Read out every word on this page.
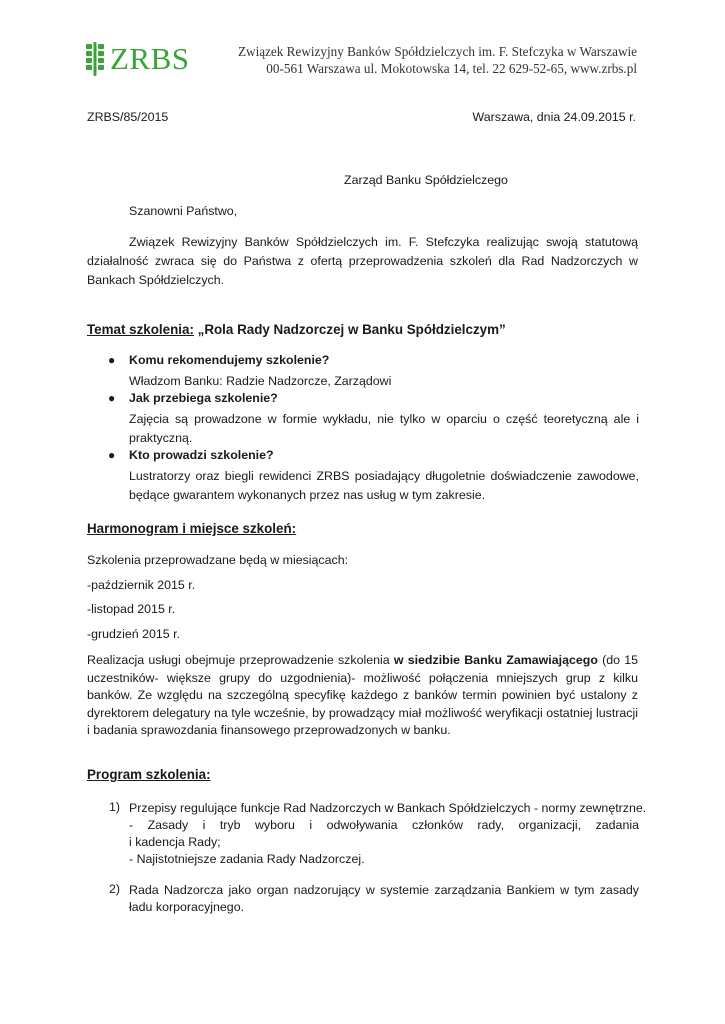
ZRBS	Związek Rewizyjny Banków Spółdzielczych im. F. Stefczyka w Warszawie
00-561 Warszawa ul. Mokotowska 14, tel. 22 629-52-65, www.zrbs.pl
ZRBS/85/2015	Warszawa, dnia 24.09.2015 r.
Zarząd Banku Spółdzielczego
Szanowni Państwo,
Związek Rewizyjny Banków Spółdzielczych im. F. Stefczyka realizując swoją statutową działalność zwraca się do Państwa z ofertą przeprowadzenia szkoleń dla Rad Nadzorczych w Bankach Spółdzielczych.
Temat szkolenia: „Rola Rady Nadzorczej w Banku Spółdzielczym”
● Komu rekomendujemy szkolenie?
Władzom Banku: Radzie Nadzorcze, Zarządowi
● Jak przebiega szkolenie?
Zajęcia są prowadzone w formie wykładu, nie tylko w oparciu o część teoretyczną ale i praktyczną.
● Kto prowadzi szkolenie?
Lustratorzy oraz biegli rewidenci ZRBS posiadający długoletnie doświadczenie zawodowe, będące gwarantem wykonanych przez nas usług w tym zakresie.
Harmonogram i miejsce szkoleń:
Szkolenia przeprowadzane będą w miesiącach:
-październik 2015 r.
-listopad 2015 r.
-grudzień 2015 r.
Realizacja usługi obejmuje przeprowadzenie szkolenia w siedzibie Banku Zamawiającego (do 15 uczestników- większe grupy do uzgodnienia)- możliwość połączenia mniejszych grup z kilku banków. Ze względu na szczególną specyfikę każdego z banków termin powinien być ustalony z dyrektorem delegatury na tyle wcześnie, by prowadzący miał możliwość weryfikacji ostatniej lustracji i badania sprawozdania finansowego przeprowadzonych w banku.
Program szkolenia:
1) Przepisy regulujące funkcje Rad Nadzorczych w Bankach Spółdzielczych - normy zewnętrzne.
- Zasady i tryb wyboru i odwoływania członków rady, organizacji, zadania
i kadencja Rady;
- Najistotniejsze zadania Rady Nadzorczej.
2) Rada Nadzorcza jako organ nadzorujący w systemie zarządzania Bankiem w tym zasady ładu korporacyjnego.
